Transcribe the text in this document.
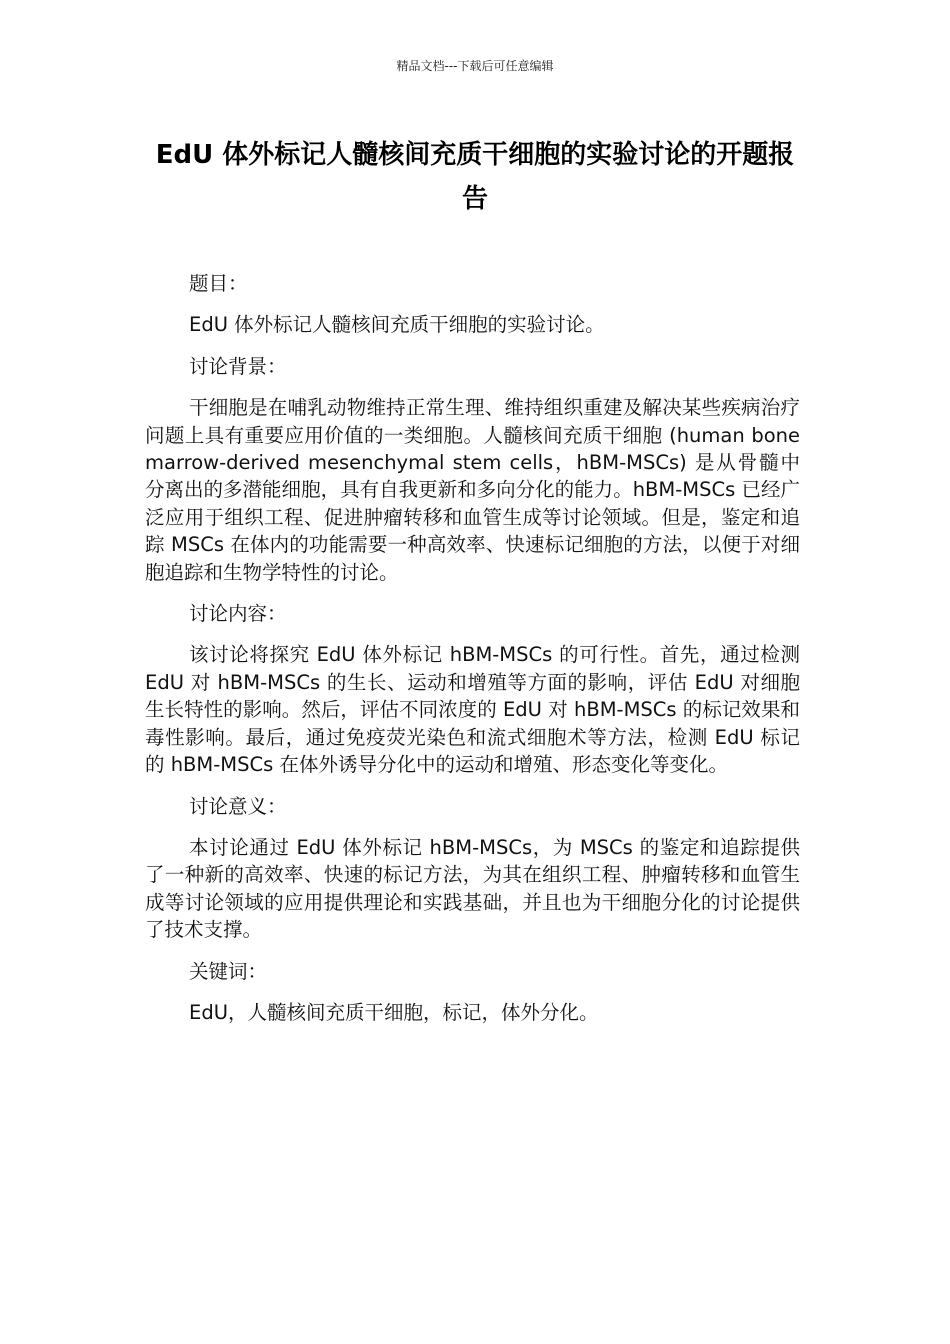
精品文档---下载后可任意编辑
EdU 体外标记人髓核间充质干细胞的实验讨论的开题报告

题目：

EdU 体外标记人髓核间充质干细胞的实验讨论。

讨论背景：

干细胞是在哺乳动物维持正常生理、维持组织重建及解决某些疾病治疗问题上具有重要应用价值的一类细胞。人髓核间充质干细胞 (human bone marrow-derived mesenchymal stem cells，hBM-MSCs) 是从骨髓中分离出的多潜能细胞，具有自我更新和多向分化的能力。hBM-MSCs 已经广泛应用于组织工程、促进肿瘤转移和血管生成等讨论领域。但是，鉴定和追踪 MSCs 在体内的功能需要一种高效率、快速标记细胞的方法，以便于对细胞追踪和生物学特性的讨论。

讨论内容：

该讨论将探究 EdU 体外标记 hBM-MSCs 的可行性。首先，通过检测 EdU 对 hBM-MSCs 的生长、运动和增殖等方面的影响，评估 EdU 对细胞生长特性的影响。然后，评估不同浓度的 EdU 对 hBM-MSCs 的标记效果和毒性影响。最后，通过免疫荧光染色和流式细胞术等方法，检测 EdU 标记的 hBM-MSCs 在体外诱导分化中的运动和增殖、形态变化等变化。

讨论意义：

本讨论通过 EdU 体外标记 hBM-MSCs，为 MSCs 的鉴定和追踪提供了一种新的高效率、快速的标记方法，为其在组织工程、肿瘤转移和血管生成等讨论领域的应用提供理论和实践基础，并且也为干细胞分化的讨论提供了技术支撑。

关键词：

EdU，人髓核间充质干细胞，标记，体外分化。
